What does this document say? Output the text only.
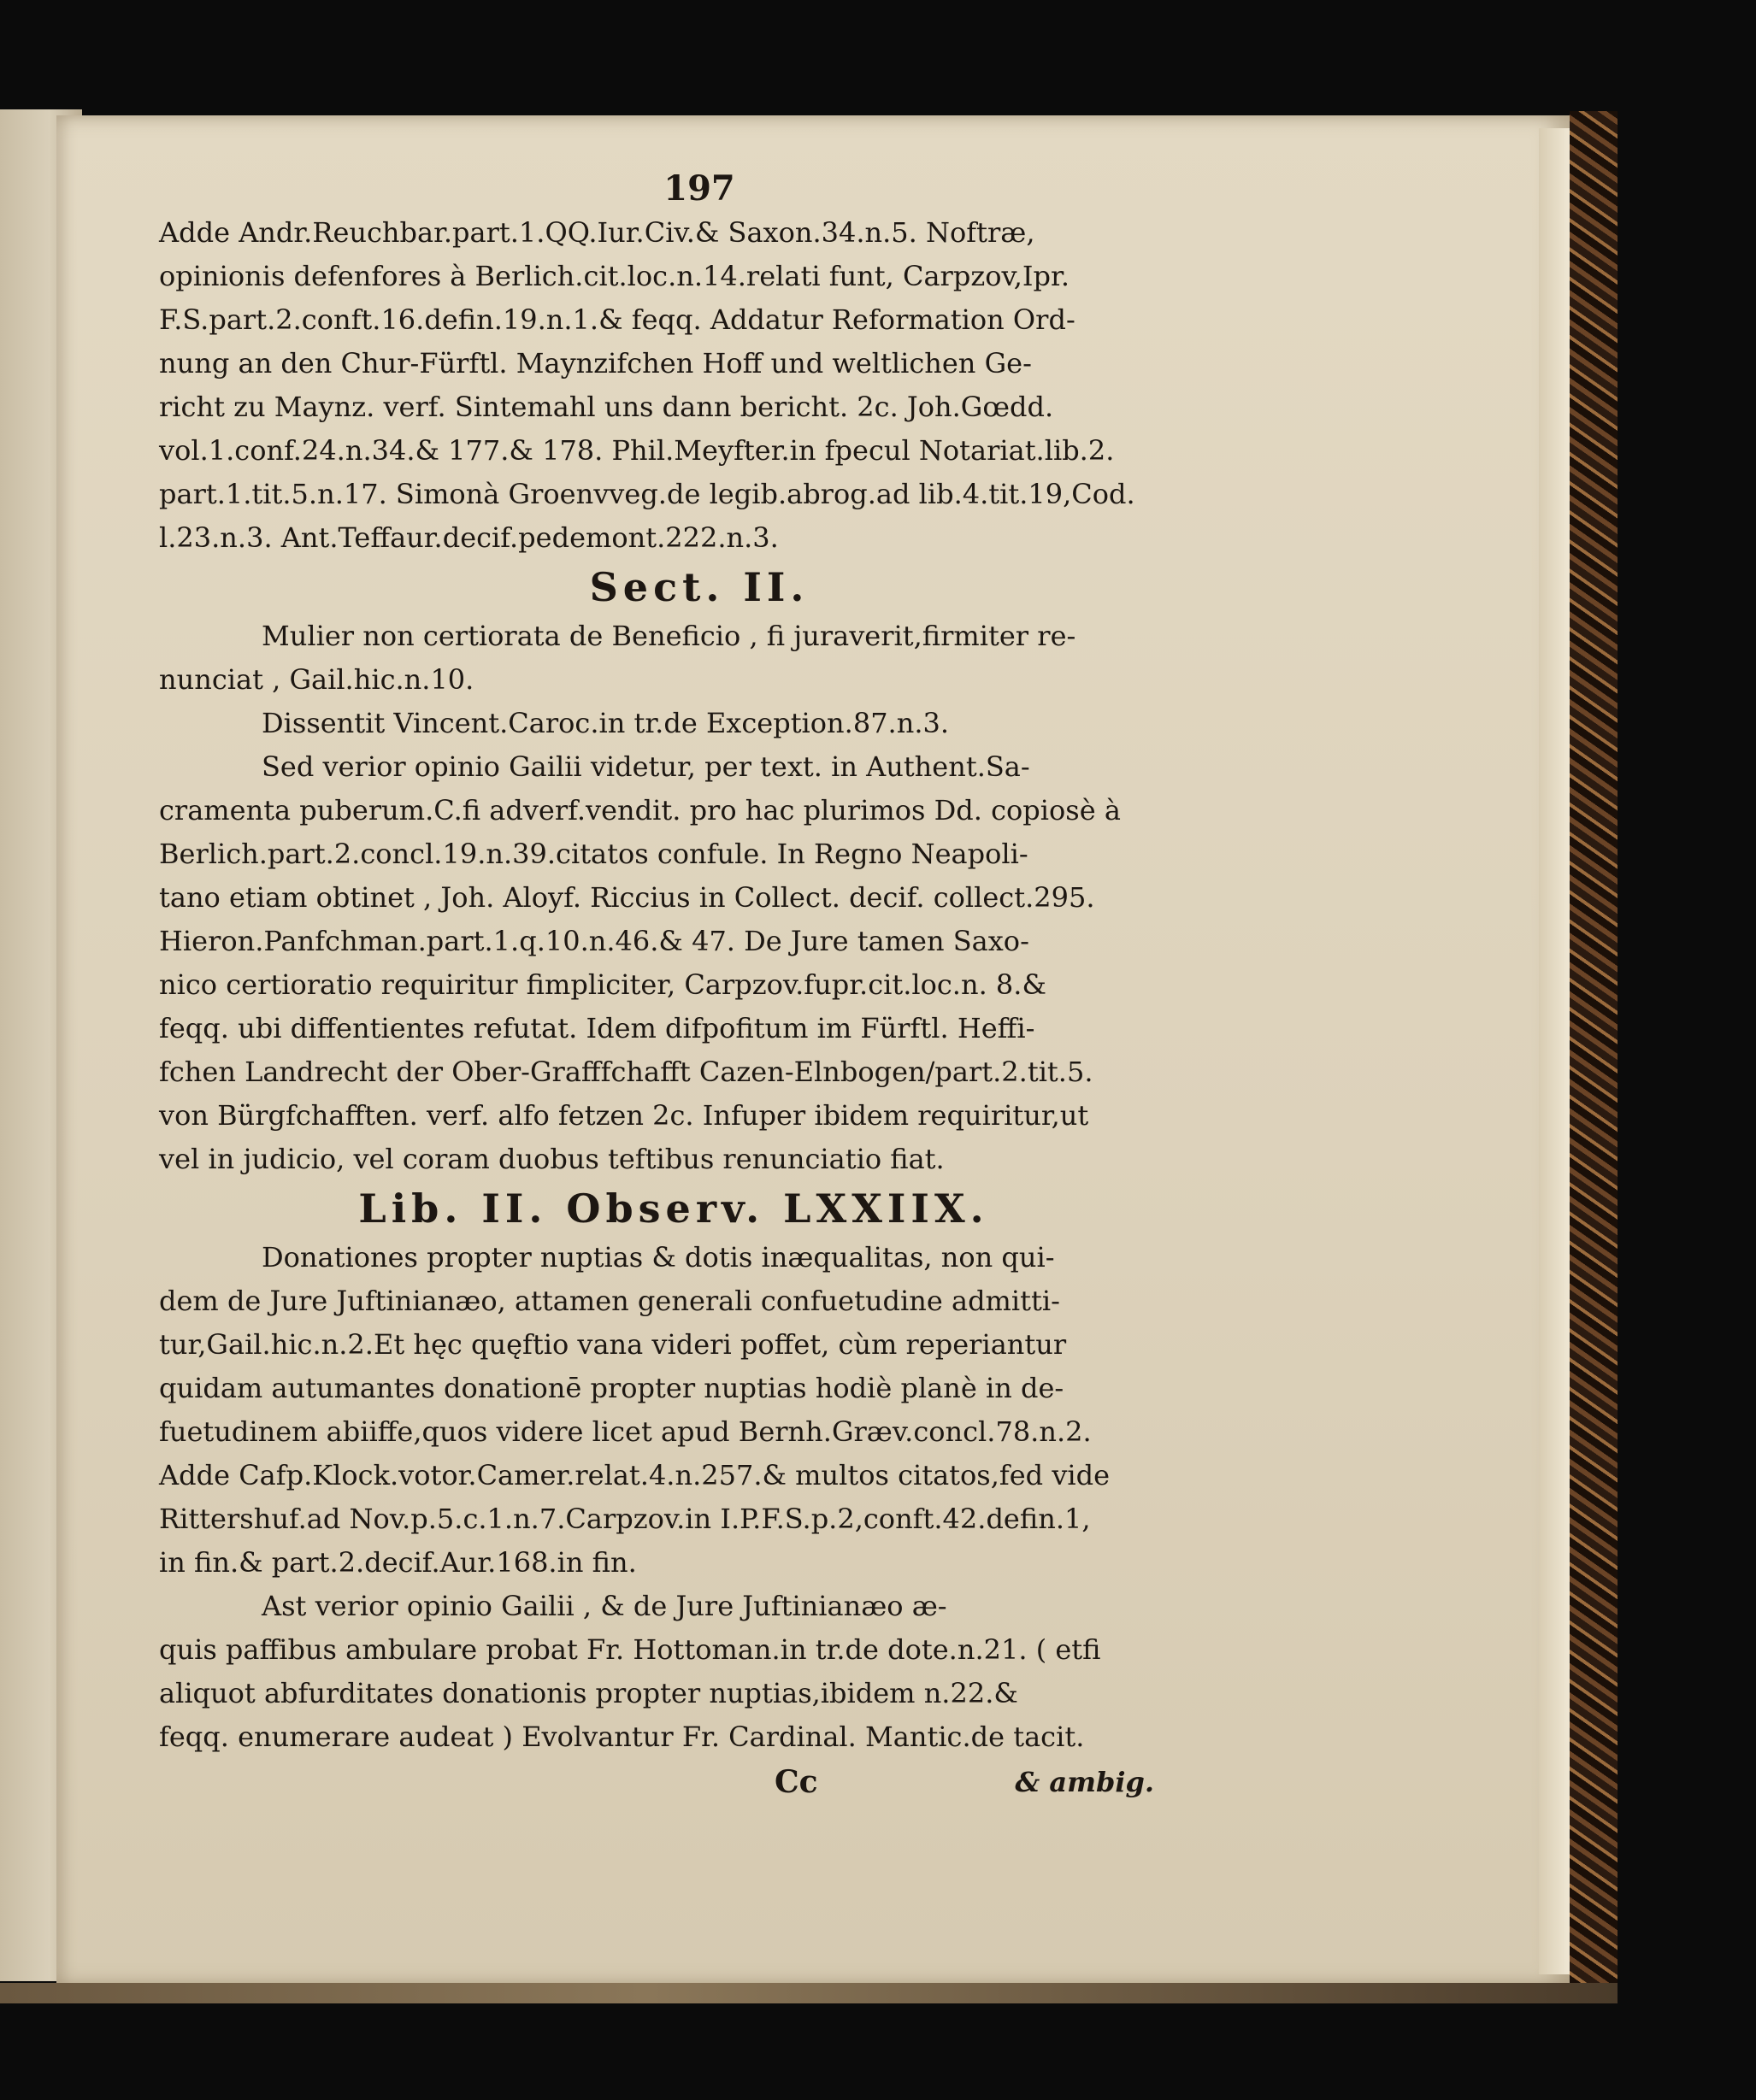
197
Adde Andr.Reuchbar.part.1.QQ.Iur.Civ.& Saxon.34.n.5. Noftræ,
opinionis defenfores à Berlich.cit.loc.n.14.relati funt, Carpzov,Ipr.
F.S.part.2.conft.16.defin.19.n.1.& feqq. Addatur Reformation Ord-
nung an den Chur-Fürftl. Maynzifchen Hoff und weltlichen Ge-
richt zu Maynz. verf. Sintemahl uns dann bericht. 2c. Joh.Gœdd.
vol.1.conf.24.n.34.& 177.& 178. Phil.Meyfter.in fpecul Notariat.lib.2.
part.1.tit.5.n.17. Simonà Groenvveg.de legib.abrog.ad lib.4.tit.19,Cod.
l.23.n.3. Ant.Teffaur.decif.pedemont.222.n.3.
Sect. II.
Mulier non certiorata de Beneficio , fi juraverit,firmiter re-
nunciat , Gail.hic.n.10.
Dissentit Vincent.Caroc.in tr.de Exception.87.n.3.
Sed verior opinio Gailii videtur, per text. in Authent.Sa-
cramenta puberum.C.fi adverf.vendit. pro hac plurimos Dd. copiosè à
Berlich.part.2.concl.19.n.39.citatos confule. In Regno Neapoli-
tano etiam obtinet , Joh. Aloyf. Riccius in Collect. decif. collect.295.
Hieron.Panfchman.part.1.q.10.n.46.& 47. De Jure tamen Saxo-
nico certioratio requiritur fimpliciter, Carpzov.fupr.cit.loc.n. 8.&
feqq. ubi diffentientes refutat. Idem difpofitum im Fürftl. Heffi-
fchen Landrecht der Ober-Grafffchafft Cazen-Elnbogen/part.2.tit.5.
von Bürgfchafften. verf. alfo fetzen 2c. Infuper ibidem requiritur,ut
vel in judicio, vel coram duobus teftibus renunciatio fiat.
Lib. II. Observ. LXXIIX.
Donationes propter nuptias & dotis inæqualitas, non qui-
dem de Jure Juftinianæo, attamen generali confuetudine admitti-
tur,Gail.hic.n.2.Et hęc quęftio vana videri poffet, cùm reperiantur
quidam autumantes donationē propter nuptias hodiè planè in de-
fuetudinem abiiffe,quos videre licet apud Bernh.Græv.concl.78.n.2.
Adde Cafp.Klock.votor.Camer.relat.4.n.257.& multos citatos,fed vide
Rittershuf.ad Nov.p.5.c.1.n.7.Carpzov.in I.P.F.S.p.2,conft.42.defin.1,
in fin.& part.2.decif.Aur.168.in fin.
Ast verior opinio Gailii , & de Jure Juftinianæo æ-
quis paffibus ambulare probat Fr. Hottoman.in tr.de dote.n.21. ( etfi
aliquot abfurditates donationis propter nuptias,ibidem n.22.&
feqq. enumerare audeat ) Evolvantur Fr. Cardinal. Mantic.de tacit.
Cc	& ambig.
